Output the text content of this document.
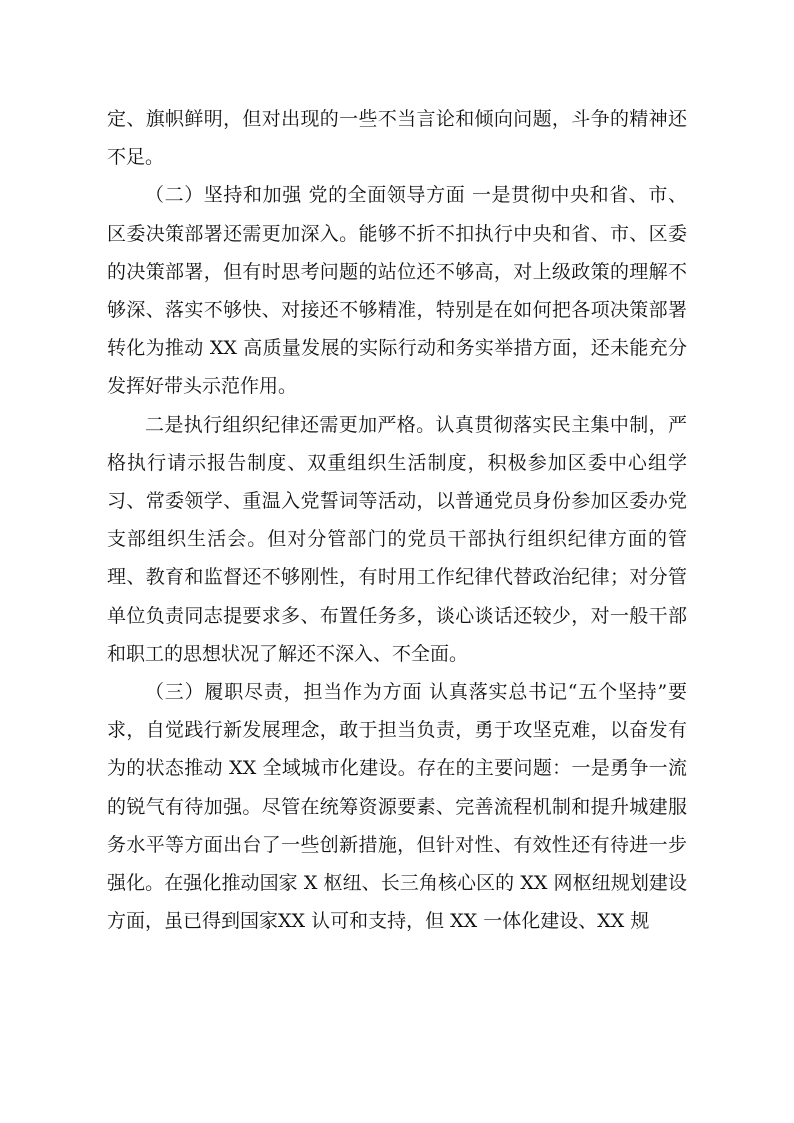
定、旗帜鲜明，但对出现的一些不当言论和倾向问题，斗争的精神还不足。

（二）坚持和加强 党的全面领导方面 一是贯彻中央和省、市、区委决策部署还需更加深入。能够不折不扣执行中央和省、市、区委的决策部署，但有时思考问题的站位还不够高，对上级政策的理解不够深、落实不够快、对接还不够精准，特别是在如何把各项决策部署转化为推动 XX 高质量发展的实际行动和务实举措方面，还未能充分发挥好带头示范作用。

二是执行组织纪律还需更加严格。认真贯彻落实民主集中制，严格执行请示报告制度、双重组织生活制度，积极参加区委中心组学习、常委领学、重温入党誓词等活动，以普通党员身份参加区委办党支部组织生活会。但对分管部门的党员干部执行组织纪律方面的管理、教育和监督还不够刚性，有时用工作纪律代替政治纪律；对分管单位负责同志提要求多、布置任务多，谈心谈话还较少，对一般干部和职工的思想状况了解还不深入、不全面。

（三）履职尽责，担当作为方面 认真落实总书记“五个坚持”要求，自觉践行新发展理念，敢于担当负责，勇于攻坚克难，以奋发有为的状态推动 XX 全域城市化建设。存在的主要问题：一是勇争一流的锐气有待加强。尽管在统筹资源要素、完善流程机制和提升城建服务水平等方面出台了一些创新措施，但针对性、有效性还有待进一步强化。在强化推动国家 X 枢纽、长三角核心区的 XX 网枢纽规划建设方面，虽已得到国家XX 认可和支持，但 XX 一体化建设、XX 规
